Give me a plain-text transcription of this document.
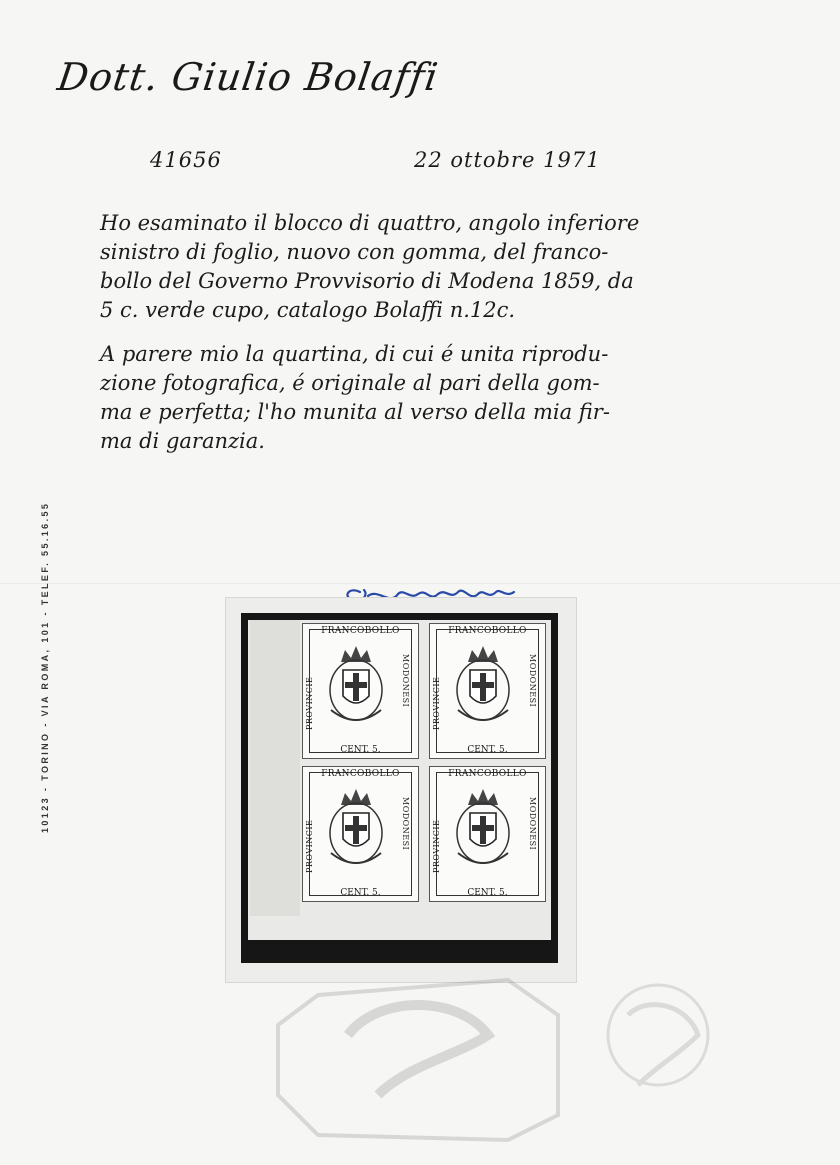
Dott. Giulio Bolaffi
41656	22 ottobre 1971
Ho esaminato il blocco di quattro, angolo inferiore
sinistro di foglio, nuovo con gomma, del franco-
bollo del Governo Provvisorio di Modena 1859, da
5 c. verde cupo, catalogo Bolaffi n.12c.
A parere mio la quartina, di cui é unita riprodu-
zione fotografica, é originale al pari della gom-
ma e perfetta; l'ho munita al verso della mia fir-
ma di garanzia.
10123 - TORINO - VIA ROMA, 101 - TELEF. 55.16.55	FRANCOBOLLO
PROVINCIE	MODONESI
CENT. 5.
FRANCOBOLLO
PROVINCIE	MODONESI
CENT. 5.
FRANCOBOLLO
PROVINCIE	MODONESI
CENT. 5.
FRANCOBOLLO
PROVINCIE	MODONESI
CENT. 5.
